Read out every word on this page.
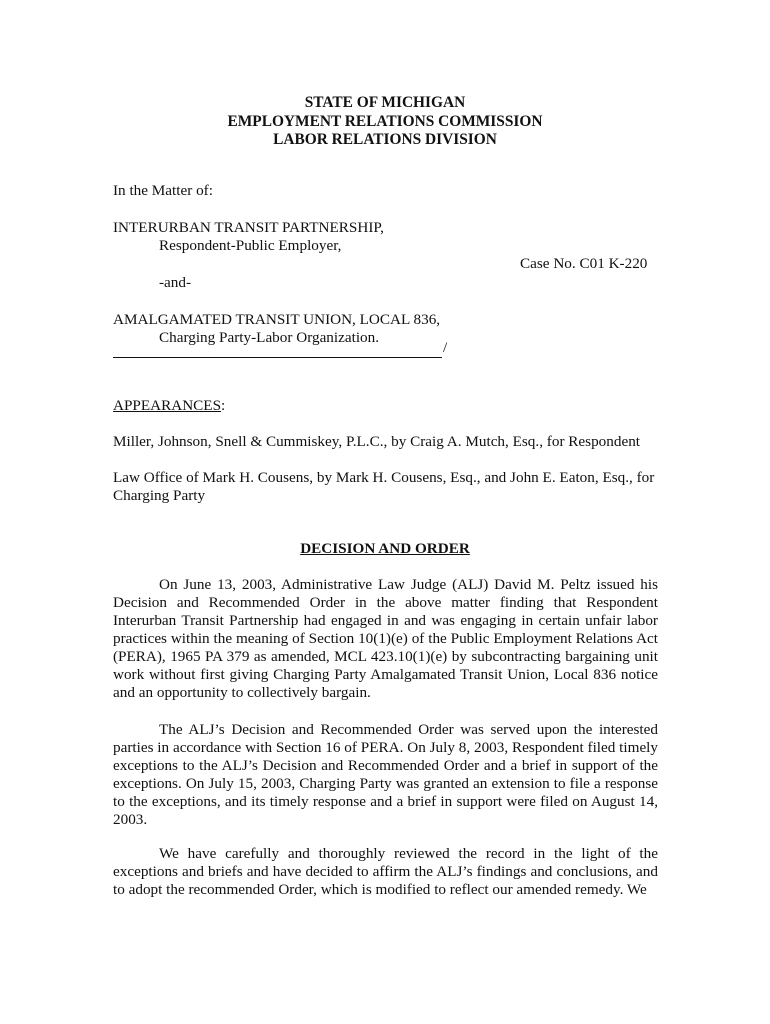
STATE OF MICHIGAN
EMPLOYMENT RELATIONS COMMISSION
LABOR RELATIONS DIVISION
In the Matter of:
INTERURBAN TRANSIT PARTNERSHIP,
Respondent-Public Employer,
Case No. C01 K-220
-and-
AMALGAMATED TRANSIT UNION, LOCAL 836,
Charging Party-Labor Organization.
/
APPEARANCES:
Miller, Johnson, Snell & Cummiskey, P.L.C., by Craig A. Mutch, Esq., for Respondent
Law Office of Mark H. Cousens, by Mark H. Cousens, Esq., and John E. Eaton, Esq., for
Charging Party
DECISION AND ORDER

On June 13, 2003, Administrative Law Judge (ALJ) David M. Peltz issued his Decision and Recommended Order in the above matter finding that Respondent Interurban Transit Partnership had engaged in and was engaging in certain unfair labor practices within the meaning of Section 10(1)(e) of the Public Employment Relations Act (PERA), 1965 PA 379 as amended, MCL 423.10(1)(e) by subcontracting bargaining unit work without first giving Charging Party Amalgamated Transit Union, Local 836 notice and an opportunity to collectively bargain.

The ALJ’s Decision and Recommended Order was served upon the interested parties in accordance with Section 16 of PERA. On July 8, 2003, Respondent filed timely exceptions to the ALJ’s Decision and Recommended Order and a brief in support of the exceptions. On July 15, 2003, Charging Party was granted an extension to file a response to the exceptions, and its timely response and a brief in support were filed on August 14, 2003.

We have carefully and thoroughly reviewed the record in the light of the exceptions and briefs and have decided to affirm the ALJ’s findings and conclusions, and to adopt the recommended Order, which is modified to reflect our amended remedy. We
